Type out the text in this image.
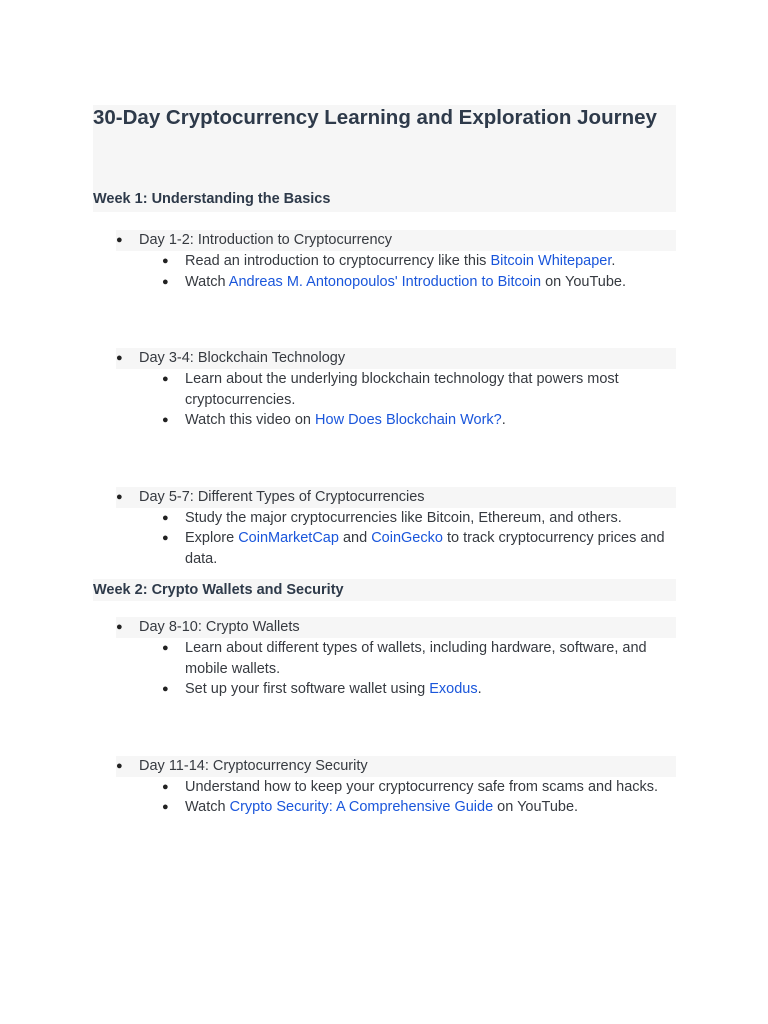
30-Day Cryptocurrency Learning and Exploration Journey
Week 1: Understanding the Basics
●	Day 1-2: Introduction to Cryptocurrency
● Read an introduction to cryptocurrency like this Bitcoin Whitepaper.
● Watch Andreas M. Antonopoulos' Introduction to Bitcoin on YouTube.
●	Day 3-4: Blockchain Technology
● Learn about the underlying blockchain technology that powers most cryptocurrencies.
● Watch this video on How Does Blockchain Work?.
●	Day 5-7: Different Types of Cryptocurrencies
● Study the major cryptocurrencies like Bitcoin, Ethereum, and others.
● Explore CoinMarketCap and CoinGecko to track cryptocurrency prices and data.
Week 2: Crypto Wallets and Security
●	Day 8-10: Crypto Wallets
● Learn about different types of wallets, including hardware, software, and mobile wallets.
● Set up your first software wallet using Exodus.
●	Day 11-14: Cryptocurrency Security
● Understand how to keep your cryptocurrency safe from scams and hacks.
● Watch Crypto Security: A Comprehensive Guide on YouTube.
